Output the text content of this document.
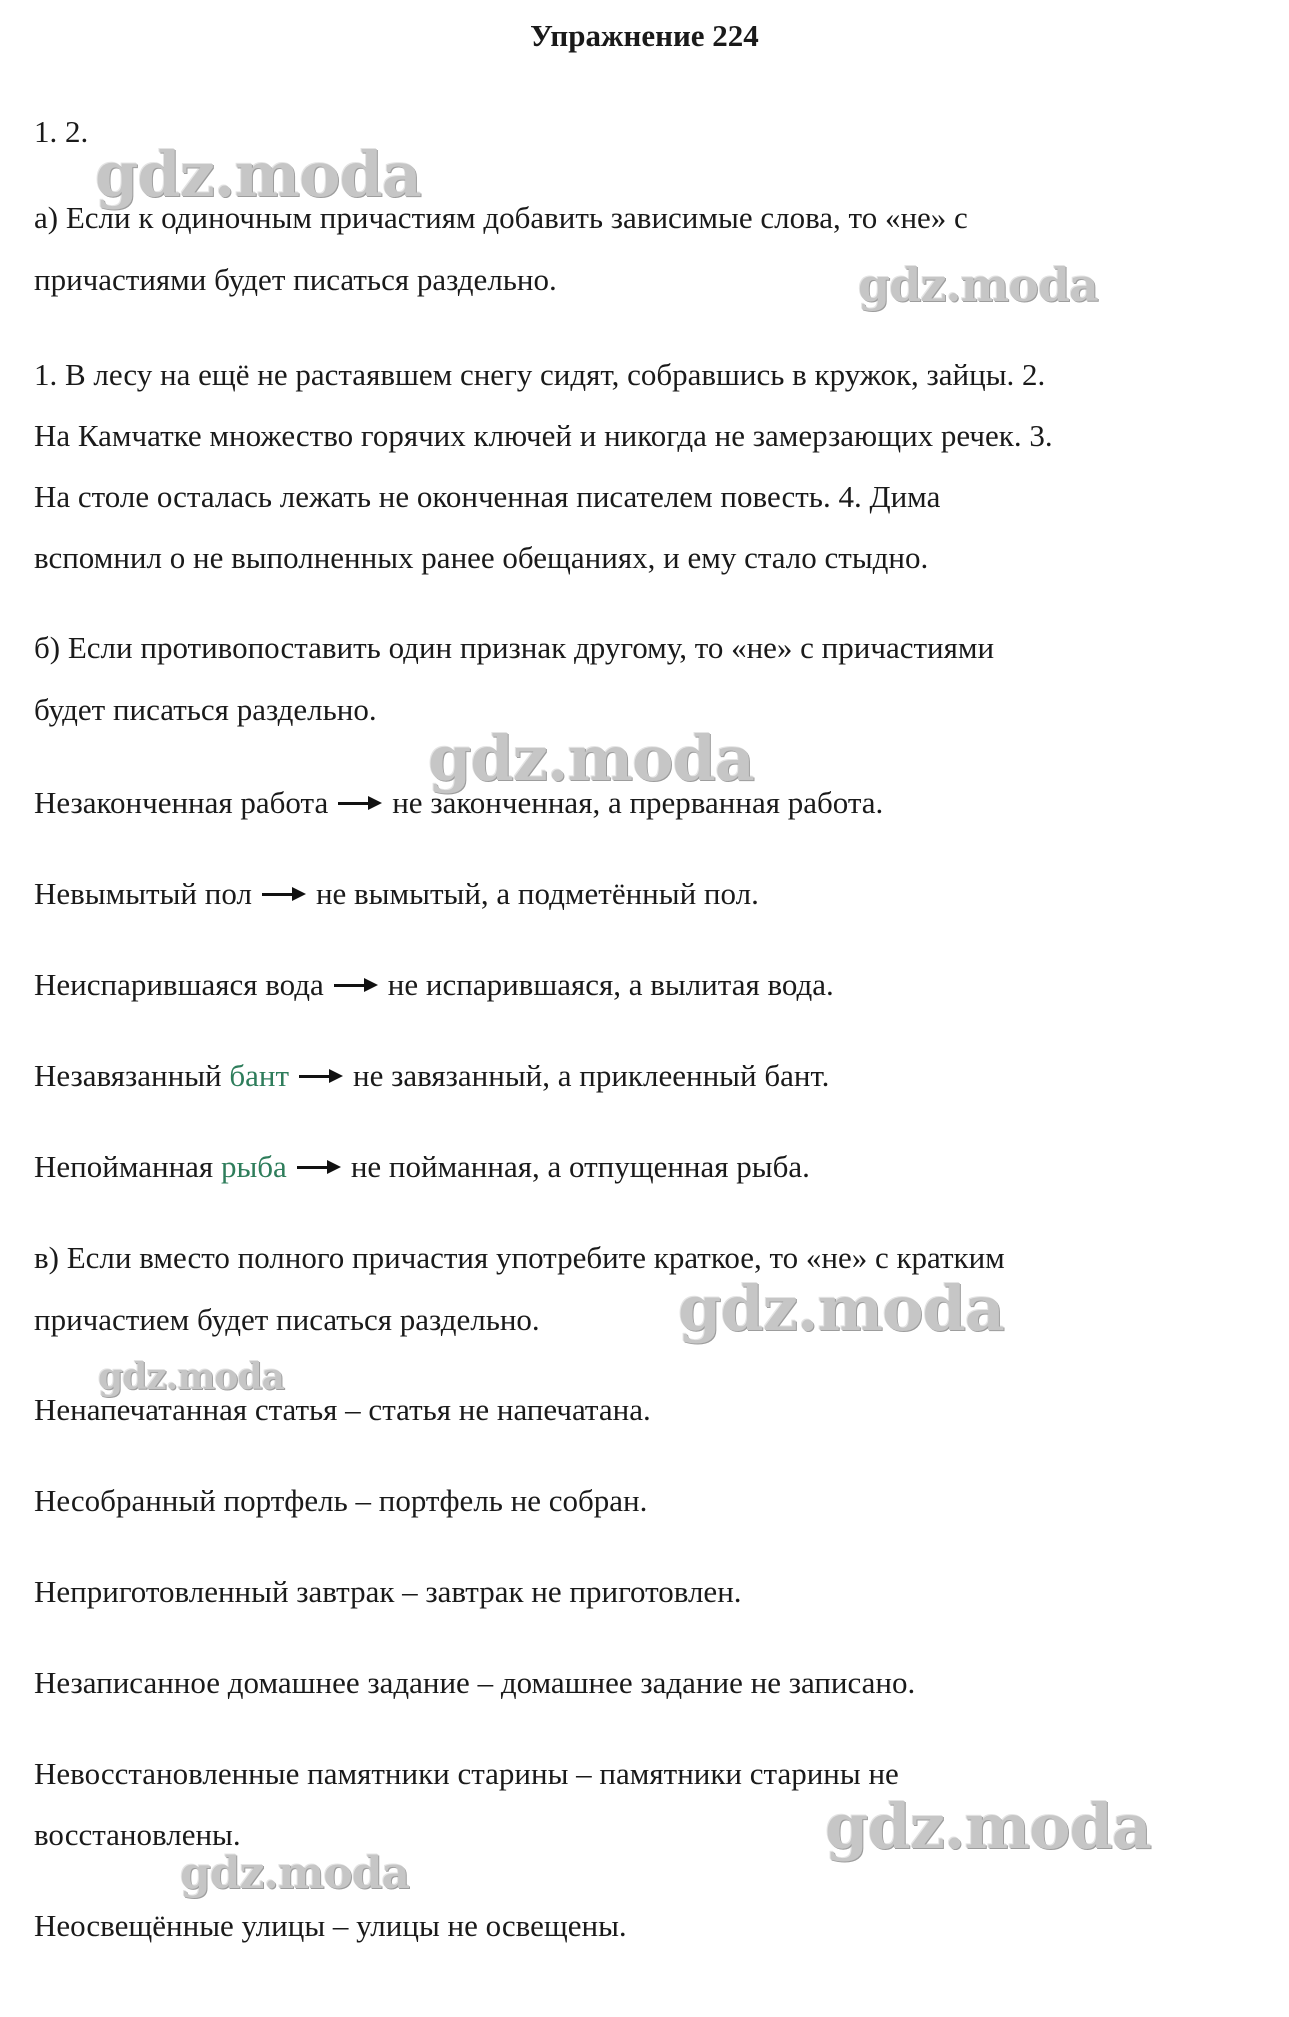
Упражнение 224
1. 2.
а) Если к одиночным причастиям добавить зависимые слова, то «не» с
причастиями будет писаться раздельно.
1. В лесу на ещё не растаявшем снегу сидят, собравшись в кружок, зайцы. 2.
На Камчатке множество горячих ключей и никогда не замерзающих речек. 3.
На столе осталась лежать не оконченная писателем повесть. 4. Дима
вспомнил о не выполненных ранее обещаниях, и ему стало стыдно.
б) Если противопоставить один признак другому, то «не» с причастиями
будет писаться раздельно.
Незаконченная работа не законченная, а прерванная работа.
Невымытый пол не вымытый, а подметённый пол.
Неиспарившаяся вода не испарившаяся, а вылитая вода.
Незавязанный бант не завязанный, а приклеенный бант.
Непойманная рыба не пойманная, а отпущенная рыба.
в) Если вместо полного причастия употребите краткое, то «не» с кратким
причастием будет писаться раздельно.
Ненапечатанная статья – статья не напечатана.
Несобранный портфель – портфель не собран.
Неприготовленный завтрак – завтрак не приготовлен.
Незаписанное домашнее задание – домашнее задание не записано.
Невосстановленные памятники старины – памятники старины не
восстановлены.
Неосвещённые улицы – улицы не освещены.
gdz.moda
gdz.moda
gdz.moda
gdz.moda
gdz.moda
gdz.moda
gdz.moda
